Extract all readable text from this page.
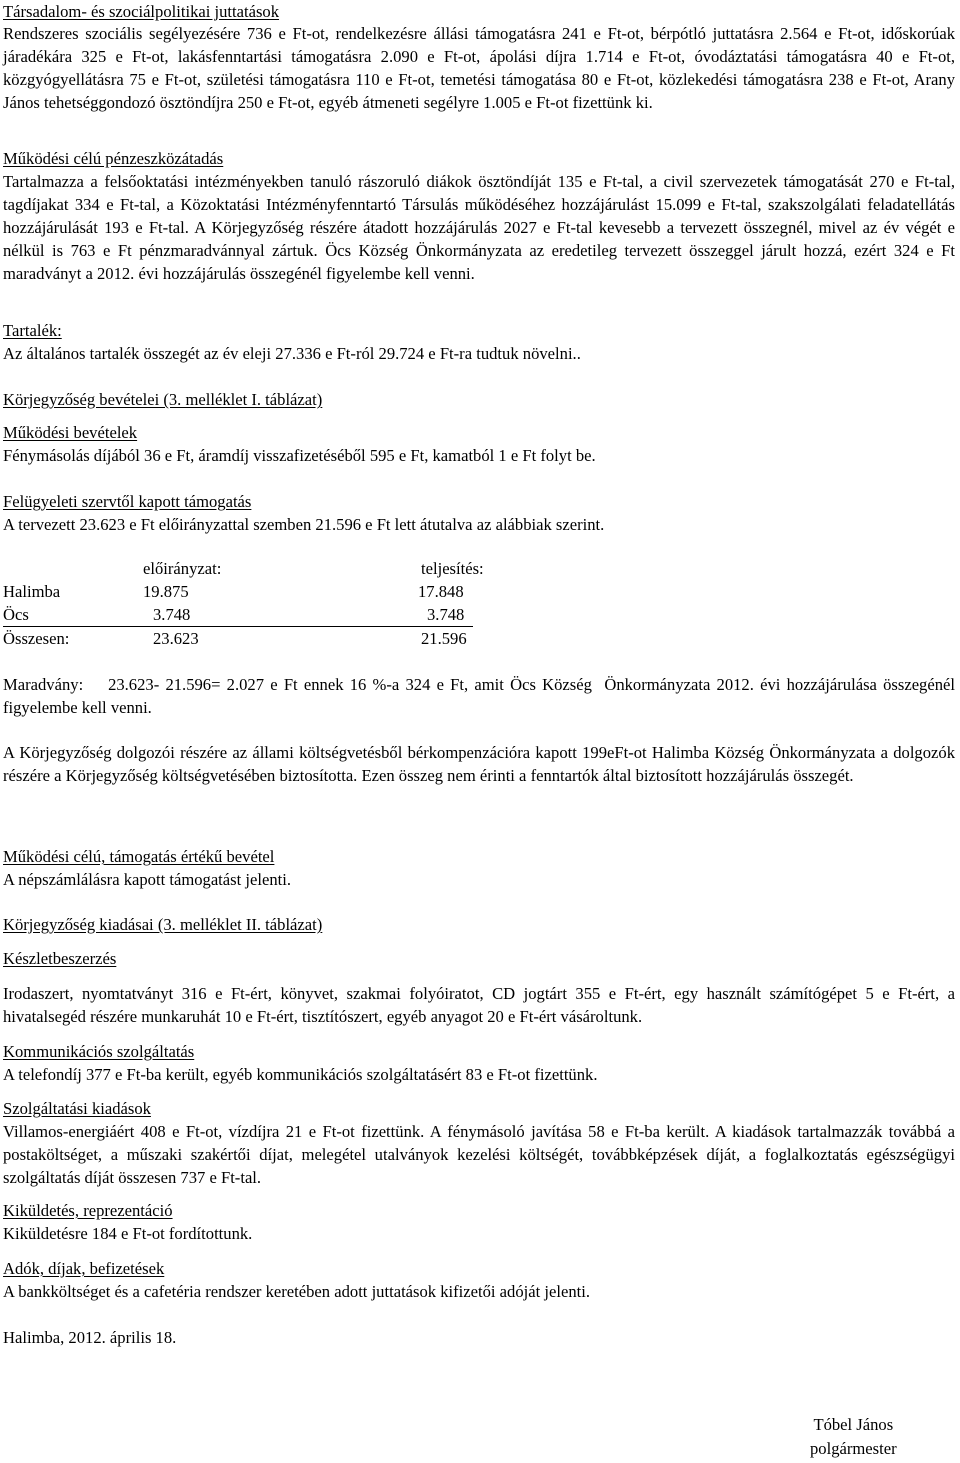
Társadalom- és szociálpolitikai juttatások

Rendszeres szociális segélyezésére 736 e Ft-ot, rendelkezésre állási támogatásra 241 e Ft-ot, bérpótló juttatásra 2.564 e Ft-ot, időskorúak járadékára 325 e Ft-ot, lakásfenntartási támogatásra 2.090 e Ft-ot, ápolási díjra 1.714 e Ft-ot, óvodáztatási támogatásra 40 e Ft-ot, közgyógyellátásra 75 e Ft-ot, születési támogatásra 110 e Ft-ot, temetési támogatása 80 e Ft-ot, közlekedési támogatásra 238 e Ft-ot, Arany János tehetséggondozó ösztöndíjra 250 e Ft-ot, egyéb átmeneti segélyre 1.005 e Ft-ot fizettünk ki.

Működési célú pénzeszközátadás

Tartalmazza a felsőoktatási intézményekben tanuló rászoruló diákok ösztöndíját 135 e Ft-tal, a civil szervezetek támogatását 270 e Ft-tal, tagdíjakat 334 e Ft-tal, a Közoktatási Intézményfenntartó Társulás működéséhez hozzájárulást 15.099 e Ft-tal, szakszolgálati feladatellátás hozzájárulását 193 e Ft-tal. A Körjegyzőség részére átadott hozzájárulás 2027 e Ft-tal kevesebb a tervezett összegnél, mivel az év végét e nélkül is 763 e Ft pénzmaradvánnyal zártuk. Öcs Község Önkormányzata az eredetileg tervezett összeggel járult hozzá, ezért 324 e Ft maradványt a 2012. évi hozzájárulás összegénél figyelembe kell venni.

Tartalék:
Az általános tartalék összegét az év eleji 27.336 e Ft-ról 29.724 e Ft-ra tudtuk növelni..
Körjegyzőség bevételei (3. melléklet I. táblázat)
Működési bevételek
Fénymásolás díjából 36 e Ft, áramdíj visszafizetéséből 595 e Ft, kamatból 1 e Ft folyt be.
Felügyeleti szervtől kapott támogatás
A tervezett 23.623 e Ft előirányzattal szemben 21.596 e Ft lett átutalva az alábbiak szerint.
előirányzat:	teljesítés:
Halimba	19.875	17.848
Öcs	3.748	3.748
Összesen:	23.623	21.596

Maradvány:    23.623- 21.596= 2.027 e Ft ennek 16 %-a 324 e Ft, amit Öcs Község  Önkormányzata 2012. évi hozzájárulása összegénél figyelembe kell venni.

A Körjegyzőség dolgozói részére az állami költségvetésből bérkompenzációra kapott 199eFt-ot Halimba Község Önkormányzata a dolgozók részére a Körjegyzőség költségvetésében biztosította. Ezen összeg nem érinti a fenntartók által biztosított hozzájárulás összegét.

Működési célú, támogatás értékű bevétel
A népszámlálásra kapott támogatást jelenti.
Körjegyzőség kiadásai (3. melléklet II. táblázat)
Készletbeszerzés

Irodaszert, nyomtatványt 316 e Ft-ért, könyvet, szakmai folyóiratot, CD jogtárt 355 e Ft-ért, egy használt számítógépet 5 e Ft-ért, a hivatalsegéd részére munkaruhát 10 e Ft-ért, tisztítószert, egyéb anyagot 20 e Ft-ért vásároltunk.

Kommunikációs szolgáltatás
A telefondíj 377 e Ft-ba került, egyéb kommunikációs szolgáltatásért 83 e Ft-ot fizettünk.
Szolgáltatási kiadások

Villamos-energiáért 408 e Ft-ot, vízdíjra 21 e Ft-ot fizettünk. A fénymásoló javítása 58 e Ft-ba került. A kiadások tartalmazzák továbbá a postaköltséget, a műszaki szakértői díjat, melegétel utalványok kezelési költségét, továbbképzések díját, a foglalkoztatás egészségügyi szolgáltatás díját összesen 737 e Ft-tal.

Kiküldetés, reprezentáció
Kiküldetésre 184 e Ft-ot fordítottunk.
Adók, díjak, befizetések
A bankköltséget és a cafetéria rendszer keretében adott juttatások kifizetői adóját jelenti.
Halimba, 2012. április 18.
Tóbel János
polgármester
